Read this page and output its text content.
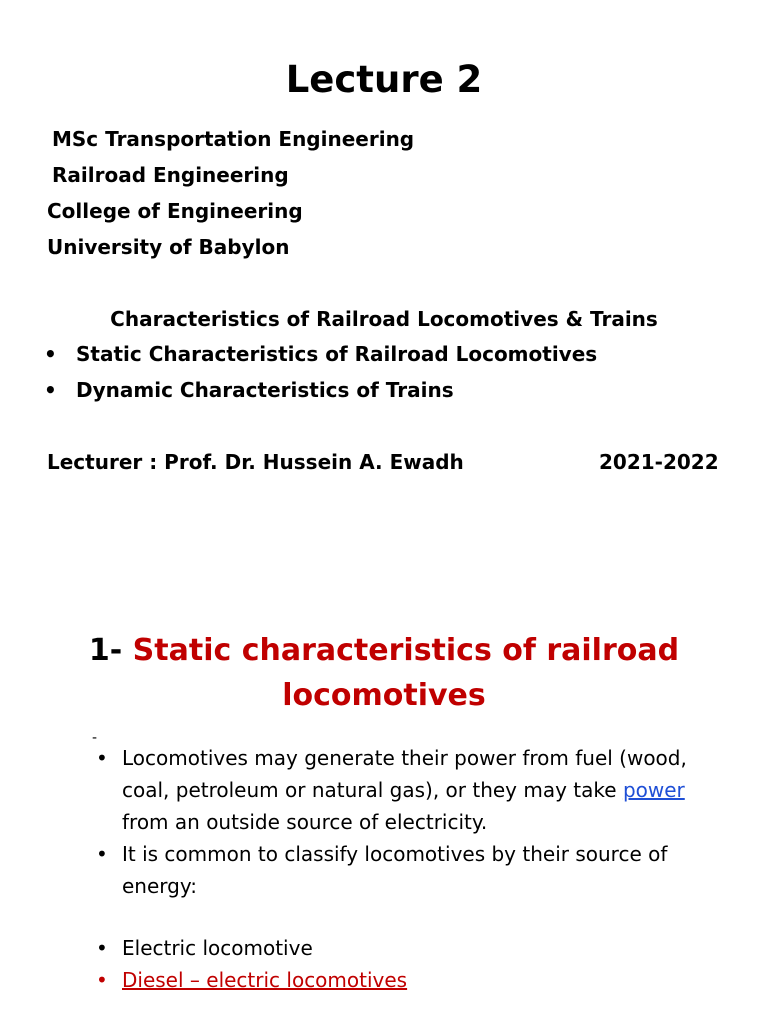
Lecture 2
MSc Transportation Engineering
Railroad Engineering
College of Engineering
University of Babylon
Characteristics of Railroad Locomotives & Trains
• Static Characteristics of Railroad Locomotives
• Dynamic Characteristics of Trains
Lecturer : Prof. Dr. Hussein A. Ewadh	2021-2022
1- Static characteristics of railroad locomotives
-
• Locomotives may generate their power from fuel (wood, coal, petroleum or natural gas), or they may take power from an outside source of electricity.
• It is common to classify locomotives by their source of energy:
• Electric locomotive
• Diesel – electric locomotives
